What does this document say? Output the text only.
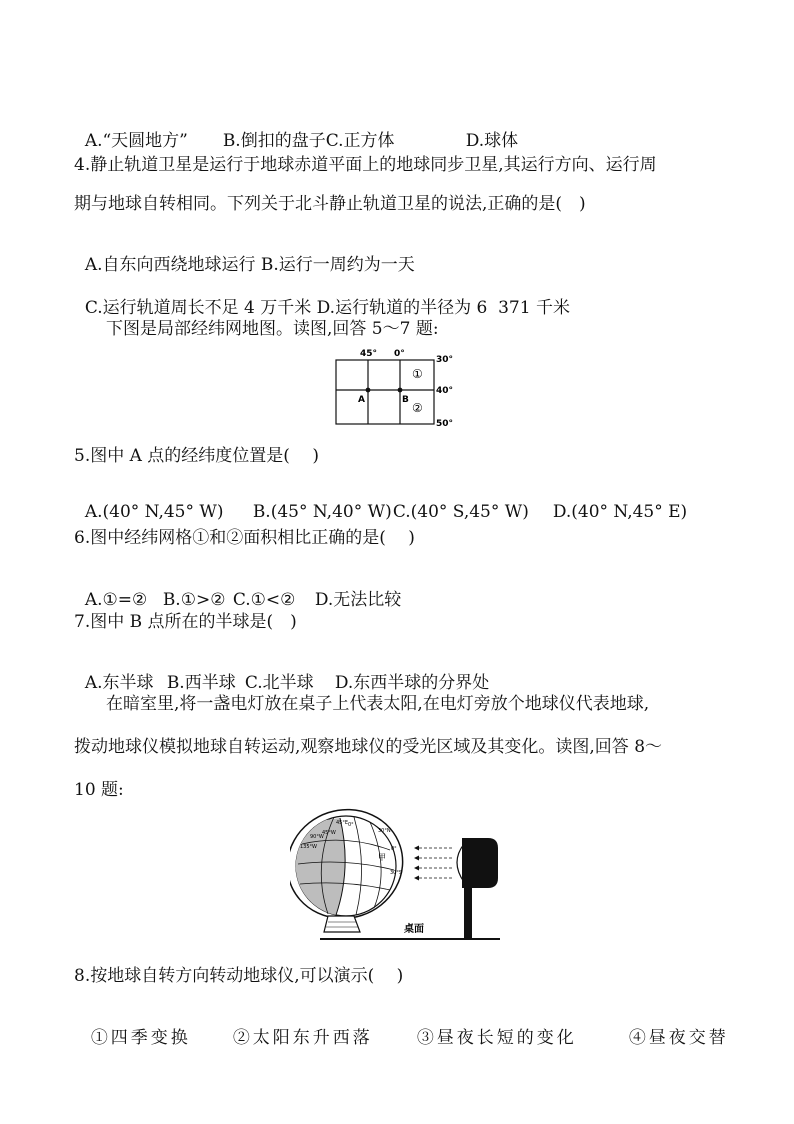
A.“天圆地方” B.倒扣的盘子C.正方体	D.球体

4.静止轨道卫星是运行于地球赤道平面上的地球同步卫星,其运行方向、运行周
期与地球自转相同。下列关于北斗静止轨道卫星的说法,正确的是(　)

A.自东向西绕地球运行 B.运行一周约为一天

C.运行轨道周长不足 4 万千米 D.运行轨道的半径为 6  371 千米

下图是局部经纬网地图。读图,回答 5～7 题:
45° 0°
30°
40°
50°
A	B
①
②
5.图中 A 点的经纬度位置是(　 )

A.(40° N,45° W) B.(45° N,40° W)C.(40° S,45° W) D.(40° N,45° E)

6.图中经纬网格①和②面积相比正确的是(　 )

A.①=② B.①>② C.①<② D.无法比较

7.图中 B 点所在的半球是(　)

A.东半球 B.西半球 C.北半球 D.东西半球的分界处

在暗室里,将一盏电灯放在桌子上代表太阳,在电灯旁放个地球仪代表地球,
拨动地球仪模拟地球自转运动,观察地球仪的受光区域及其变化。读图,回答 8～
10 题:
45°E 0°
90°W
45°W	30°N
0°
135°W
甲
30°S
桌面
8.按地球自转方向转动地球仪,可以演示(　 )

①四季变换 ②太阳东升西落	③昼夜长短的变化	④昼夜交替
